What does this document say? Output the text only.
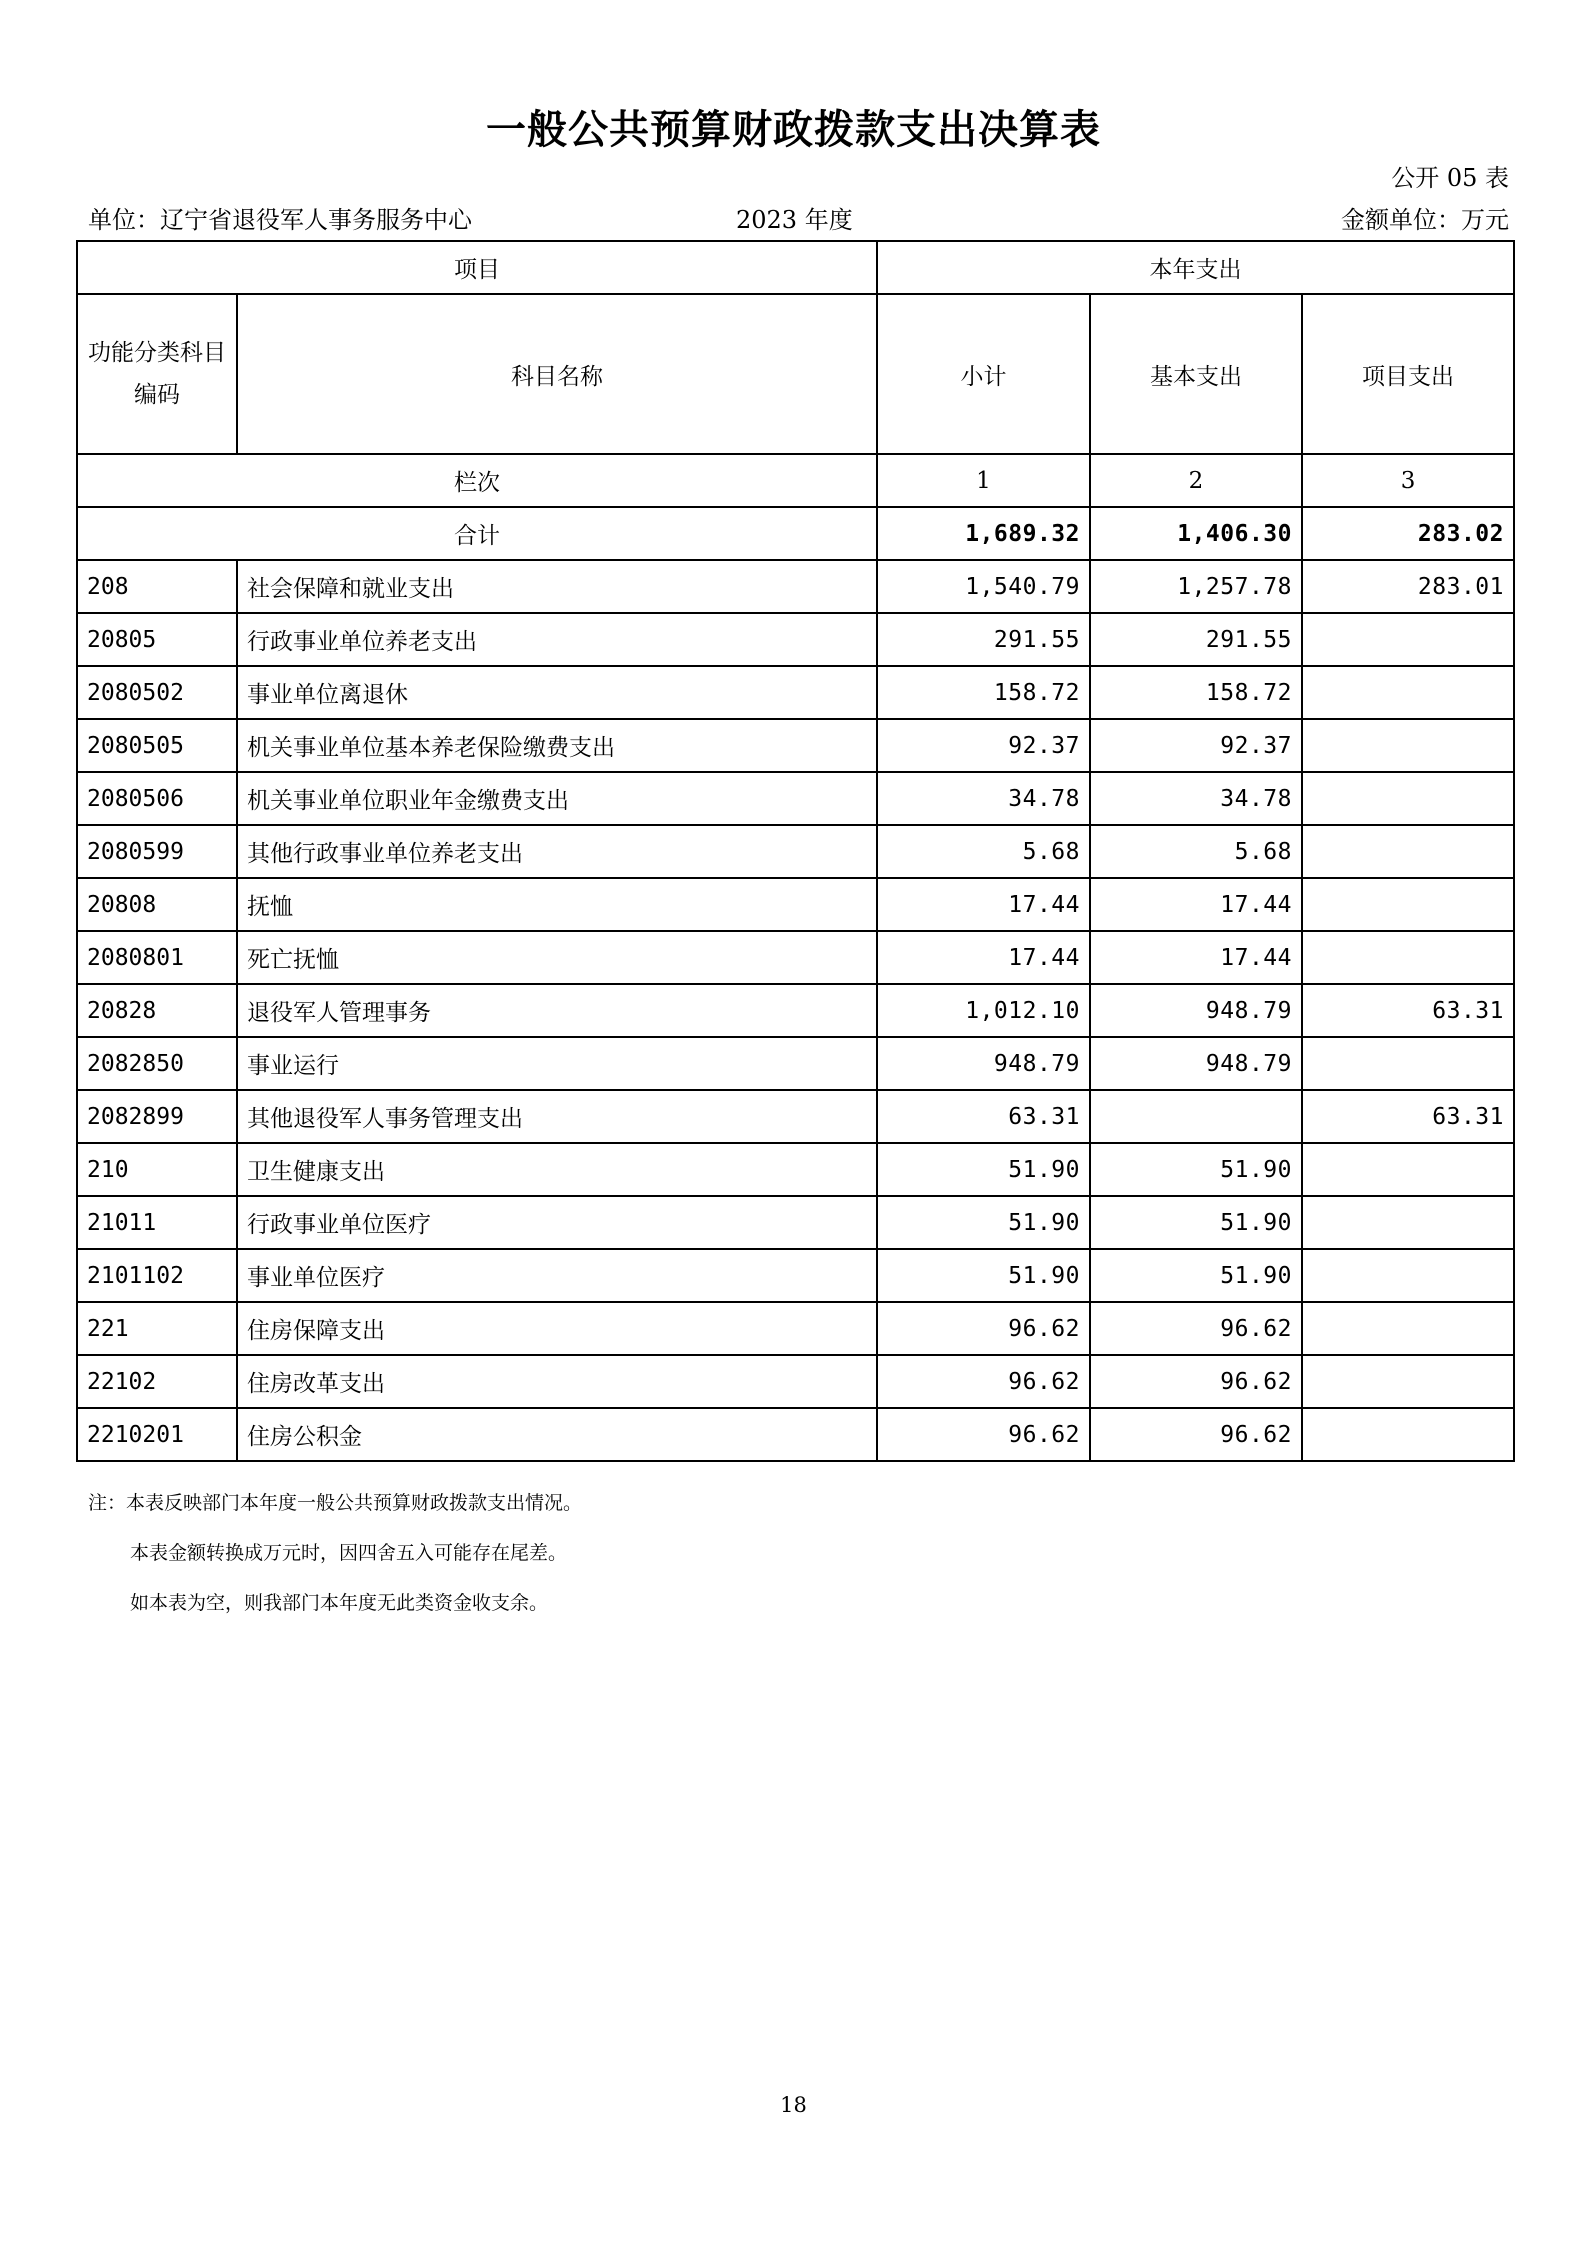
一般公共预算财政拨款支出决算表
公开 05 表
单位：辽宁省退役军人事务服务中心	2023 年度	金额单位：万元
项目		本年支出		
功能分类科目编码	科目名称	小计	基本支出	项目支出
栏次		1	2	3
合计		1,689.32	1,406.30	283.02
208	社会保障和就业支出	1,540.79	1,257.78	283.01
20805	行政事业单位养老支出	291.55	291.55	
2080502	事业单位离退休	158.72	158.72	
2080505	机关事业单位基本养老保险缴费支出	92.37	92.37	
2080506	机关事业单位职业年金缴费支出	34.78	34.78	
2080599	其他行政事业单位养老支出	5.68	5.68	
20808	抚恤	17.44	17.44	
2080801	死亡抚恤	17.44	17.44	
20828	退役军人管理事务	1,012.10	948.79	63.31
2082850	事业运行	948.79	948.79	
2082899	其他退役军人事务管理支出	63.31		63.31
210	卫生健康支出	51.90	51.90	
21011	行政事业单位医疗	51.90	51.90	
2101102	事业单位医疗	51.90	51.90	
221	住房保障支出	96.62	96.62	
22102	住房改革支出	96.62	96.62	
2210201	住房公积金	96.62	96.62	
注：本表反映部门本年度一般公共预算财政拨款支出情况。
本表金额转换成万元时，因四舍五入可能存在尾差。
如本表为空，则我部门本年度无此类资金收支余。
18
